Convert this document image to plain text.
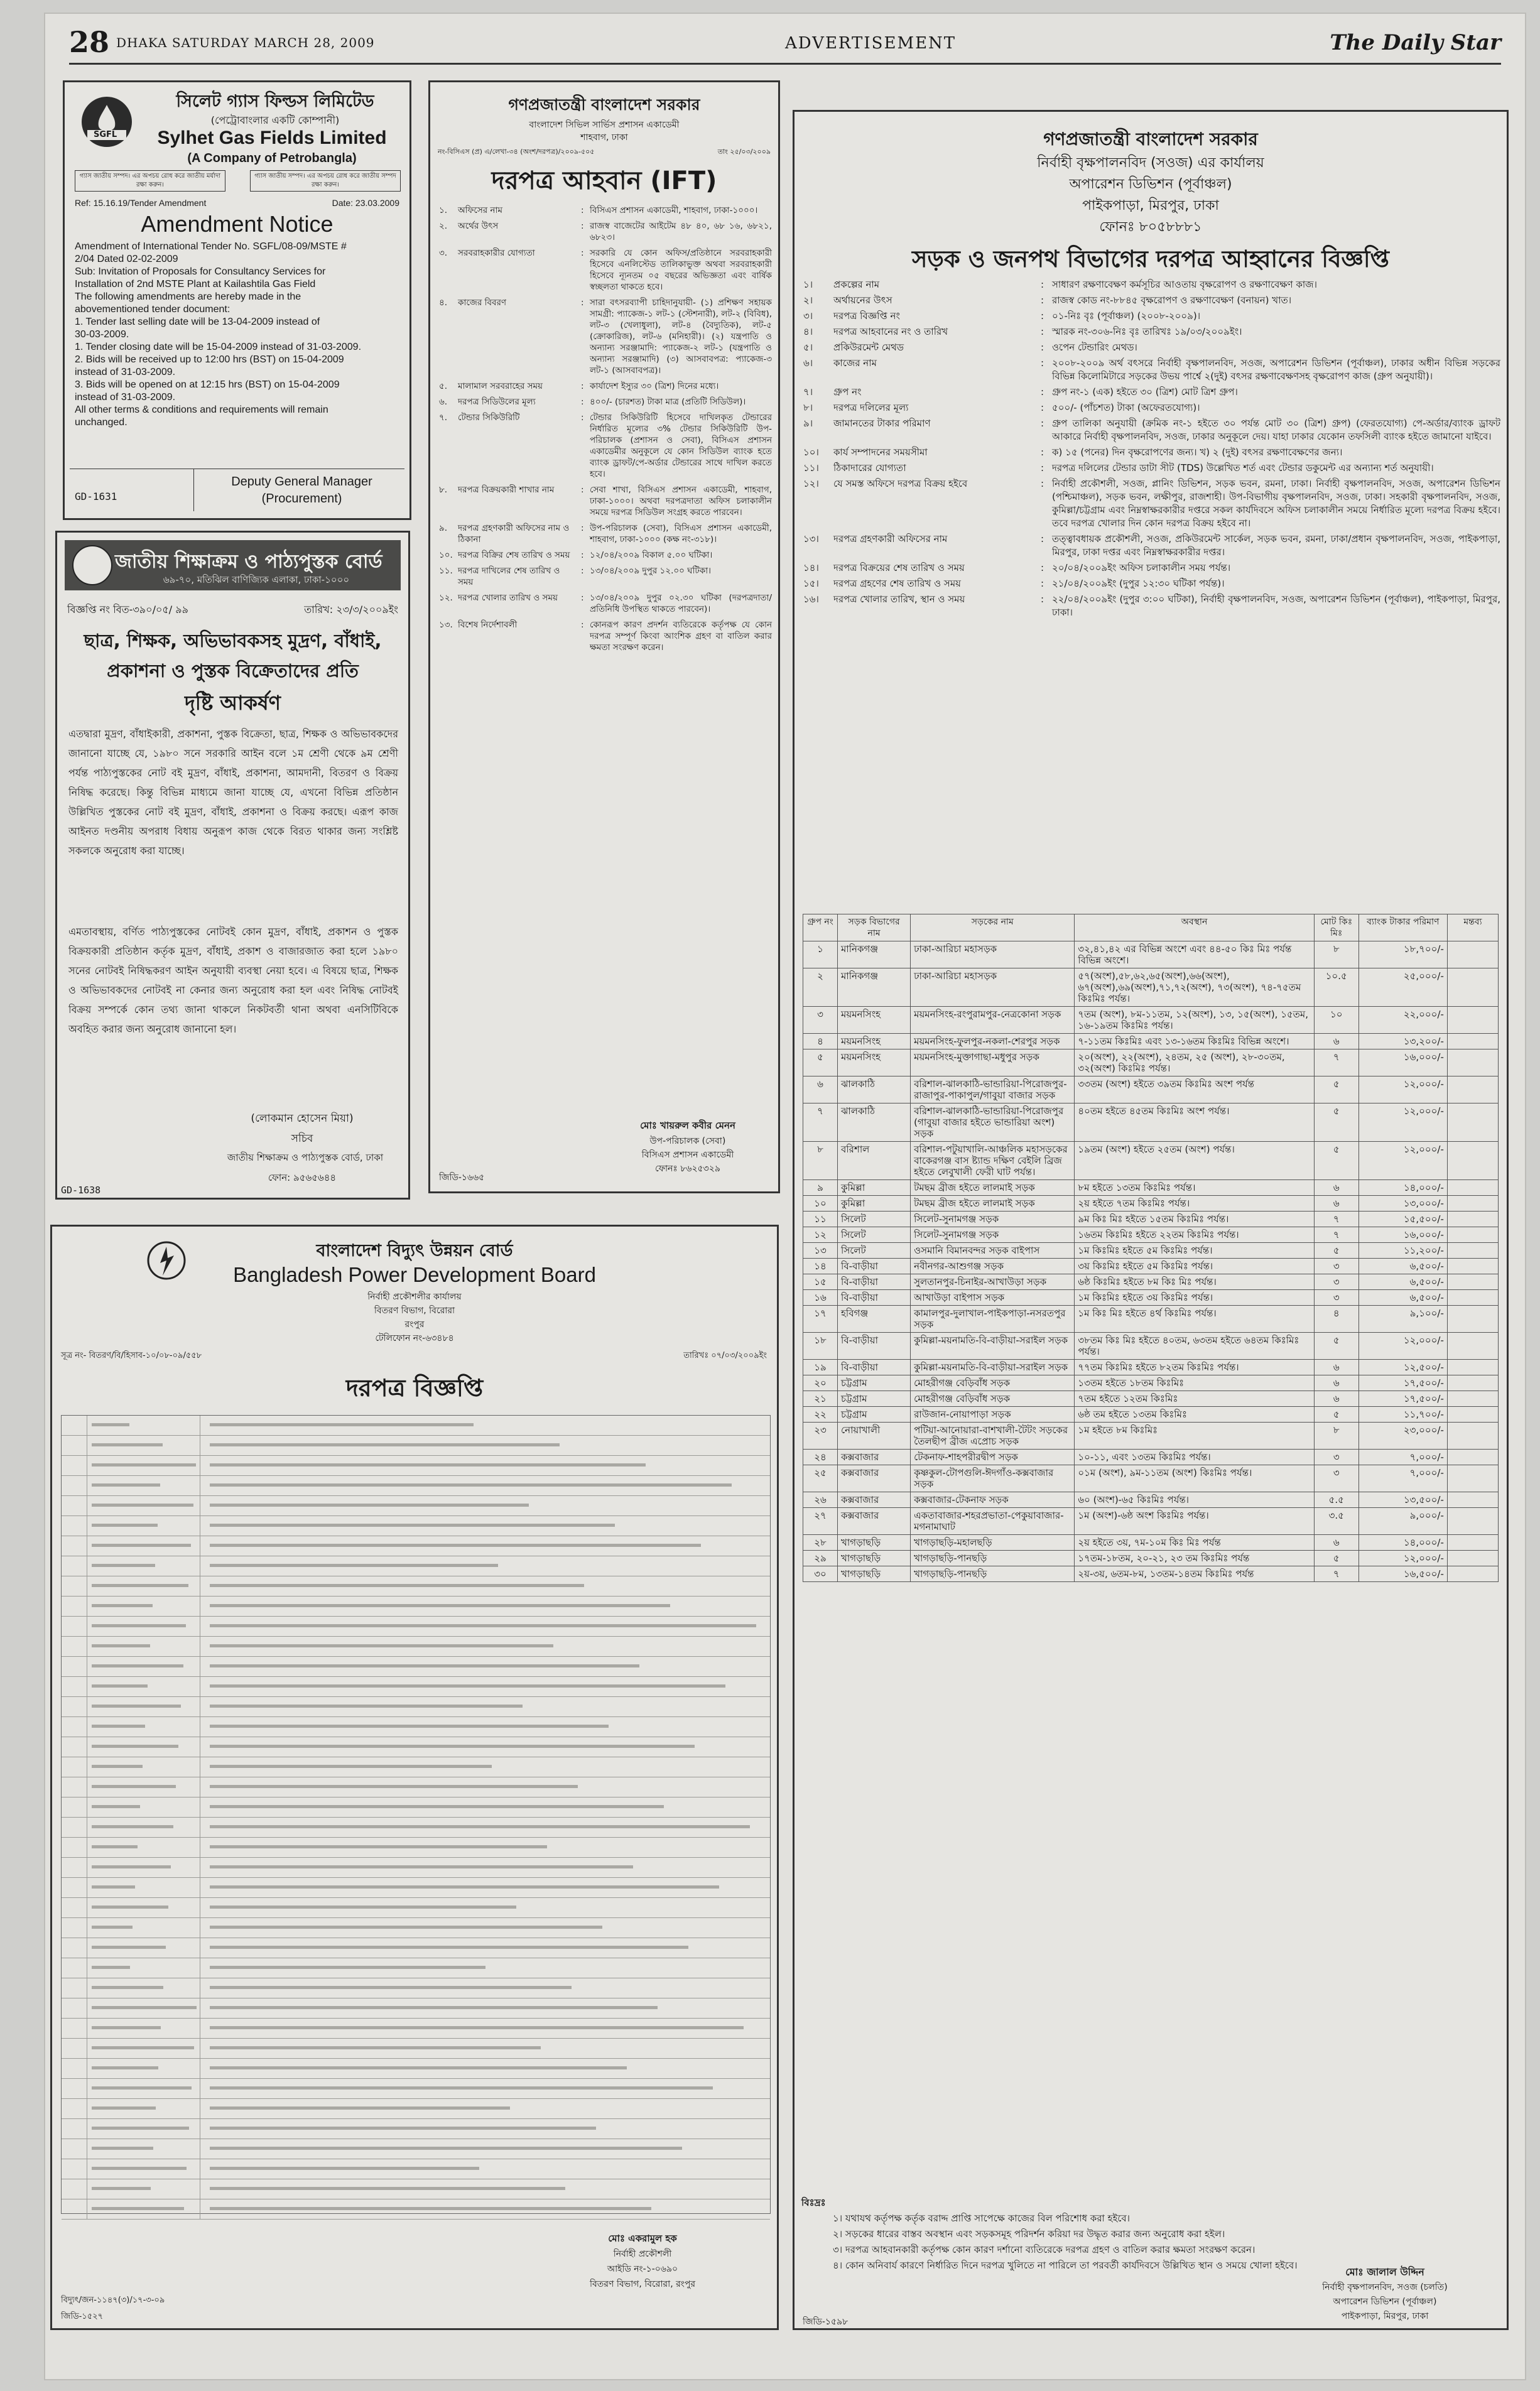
28 DHAKA SATURDAY MARCH 28, 2009	ADVERTISEMENT	The Daily Star
SGFL
সিলেট গ্যাস ফিল্ডস লিমিটেড
(পেট্রোবাংলার একটি কোম্পানী)
Sylhet Gas Fields Limited
(A Company of Petrobangla)
গ্যাস জাতীয় সম্পদ। এর অপচয় রোধ করে জাতীয় মর্যাদা রক্ষা করুন।
গ্যাস জাতীয় সম্পদ। এর অপচয় রোধ করে জাতীয় সম্পদ রক্ষা করুন।
Ref: 15.16.19/Tender Amendment	Date: 23.03.2009
Amendment Notice
Amendment of International Tender No. SGFL/08-09/MSTE #
2/04 Dated 02-02-2009
Sub: Invitation of Proposals for Consultancy Services for
Installation of 2nd MSTE Plant at Kailashtila Gas Field
The following amendments are hereby made in the
abovementioned tender document:
1. Tender last selling date will be 13-04-2009 instead of
30-03-2009.
1. Tender closing date will be 15-04-2009 instead of 31-03-2009.
2. Bids will be received up to 12:00 hrs (BST) on 15-04-2009
instead of 31-03-2009.
3. Bids will be opened on at 12:15 hrs (BST) on 15-04-2009
instead of 31-03-2009.
All other terms & conditions and requirements will remain
unchanged.
GD-1631
Deputy General Manager
(Procurement)
জাতীয় শিক্ষাক্রম ও পাঠ্যপুস্তক বোর্ড
৬৯-৭০, মতিঝিল বাণিজ্যিক এলাকা, ঢাকা-১০০০
বিজ্ঞপ্তি নং বিত-৩৯০/০৫/ ৯৯	তারিখ: ২৩/৩/২০০৯ইং
ছাত্র, শিক্ষক, অভিভাবকসহ মুদ্রণ, বাঁধাই,
প্রকাশনা ও পুস্তক বিক্রেতাদের প্রতি
দৃষ্টি আকর্ষণ
এতদ্বারা মুদ্রণ, বাঁধাইকারী, প্রকাশনা, পুস্তক বিক্রেতা, ছাত্র, শিক্ষক ও অভিভাবকদের জানানো যাচ্ছে যে, ১৯৮০ সনে সরকারি আইন বলে ১ম শ্রেণী থেকে ৯ম শ্রেণী পর্যন্ত পাঠ্যপুস্তকের নোট বই মুদ্রণ, বাঁধাই, প্রকাশনা, আমদানী, বিতরণ ও বিক্রয় নিষিদ্ধ করেছে। কিন্তু বিভিন্ন মাধ্যমে জানা যাচ্ছে যে, এখনো বিভিন্ন প্রতিষ্ঠান উল্লিখিত পুস্তকের নোট বই মুদ্রণ, বাঁধাই, প্রকাশনা ও বিক্রয় করছে। এরূপ কাজ আইনত দণ্ডনীয় অপরাধ বিধায় অনুরূপ কাজ থেকে বিরত থাকার জন্য সংশ্লিষ্ট সকলকে অনুরোধ করা যাচ্ছে।
এমতাবস্থায়, বর্ণিত পাঠ্যপুস্তকের নোটবই কোন মুদ্রণ, বাঁধাই, প্রকাশন ও পুস্তক বিক্রয়কারী প্রতিষ্ঠান কর্তৃক মুদ্রণ, বাঁধাই, প্রকাশ ও বাজারজাত করা হলে ১৯৮০ সনের নোটবই নিষিদ্ধকরণ আইন অনুযায়ী ব্যবস্থা নেয়া হবে। এ বিষয়ে ছাত্র, শিক্ষক ও অভিভাবকদের নোটবই না কেনার জন্য অনুরোধ করা হল এবং নিষিদ্ধ নোটবই বিক্রয় সম্পর্কে কোন তথ্য জানা থাকলে নিকটবর্তী থানা অথবা এনসিটিবিকে অবহিত করার জন্য অনুরোধ জানানো হল।
(লোকমান হোসেন মিয়া)
সচিব
জাতীয় শিক্ষাক্রম ও পাঠ্যপুস্তক বোর্ড, ঢাকা
ফোন: ৯৫৬৫৬৪৪
GD-1638
গণপ্রজাতন্ত্রী বাংলাদেশ সরকার
বাংলাদেশ সিভিল সার্ভিস প্রশাসন একাডেমী
শাহবাগ, ঢাকা
নং-বিসিএস (প্র) এ/লেখা-৩৪ (অংশ/দরপত্র)/২০০৯-৫০৫	তাং ২৫/০৩/২০০৯
দরপত্র আহবান (IFT)
১.	অফিসের নাম	: বিসিএস প্রশাসন একাডেমী, শাহবাগ, ঢাকা-১০০০।
২.	অর্থের উৎস	: রাজস্ব বাজেটের আইটেম ৪৮ ৪০, ৬৮ ১৬, ৬৮২১, ৬৮২৩।
৩.	সরবরাহকারীর যোগ্যতা	: সরকারি যে কোন অফিস/প্রতিষ্ঠানে সরবরাহকারী হিসেবে এনলিস্টেড তালিকাভুক্ত অথবা সরবরাহকারী হিসেবে ন্যূনতম ০৫ বছরের অভিজ্ঞতা এবং বার্ষিক স্বচ্ছলতা থাকতে হবে।
৪.	কাজের বিবরণ	: সারা বৎসরব্যাপী চাহিদানুযায়ী- (১) প্রশিক্ষণ সহায়ক সামগ্রী: প্যাকেজ-১ লট-১ (স্টেশনারী), লট-২ (বিবিধ), লট-৩ (খেলাধুলা), লট-৪ (বৈদ্যুতিক), লট-৫ (ক্রোকারিজ), লট-৬ (মনিহারী)। (২) যন্ত্রপাতি ও অন্যান্য সরঞ্জামাদি: প্যাকেজ-২ লট-১ (যন্ত্রপাতি ও অন্যান্য সরঞ্জামাদি) (৩) আসবাবপত্র: প্যাকেজ-৩ লট-১ (আসবাবপত্র)।
৫.	মালামাল সরবরাহের সময়	: কার্যাদেশ ইস্যুর ৩০ (ত্রিশ) দিনের মধ্যে।
৬.	দরপত্র সিডিউলের মূল্য	: ৪০০/- (চারশত) টাকা মাত্র (প্রতিটি সিডিউল)।
৭.	টেন্ডার সিকিউরিটি	: টেন্ডার সিকিউরিটি হিসেবে দাখিলকৃত টেন্ডারের নির্ধারিত মূল্যের ৩% টেন্ডার সিকিউরিটি উপ-পরিচালক (প্রশাসন ও সেবা), বিসিএস প্রশাসন একাডেমীর অনুকূলে যে কোন সিডিউল ব্যাংক হতে ব্যাংক ড্রাফট/পে-অর্ডার টেন্ডারের সাথে দাখিল করতে হবে।
৮.	দরপত্র বিক্রয়কারী শাখার নাম	: সেবা শাখা, বিসিএস প্রশাসন একাডেমী, শাহবাগ, ঢাকা-১০০০। অথবা দরপত্রদাতা অফিস চলাকালীন সময়ে দরপত্র সিডিউল সংগ্রহ করতে পারবেন।
৯.	দরপত্র গ্রহণকারী অফিসের নাম ও ঠিকানা
: উপ-পরিচালক (সেবা), বিসিএস প্রশাসন একাডেমী, শাহবাগ, ঢাকা-১০০০ (কক্ষ নং-৩১৮)।
১০. দরপত্র বিক্রির শেষ তারিখ ও সময়	: ১২/০৪/২০০৯ বিকাল ৫.০০ ঘটিকা।
১১. দরপত্র দাখিলের শেষ তারিখ ও সময়
: ১৩/০৪/২০০৯ দুপুর ১২.০০ ঘটিকা।
১২. দরপত্র খোলার তারিখ ও সময়	: ১৩/০৪/২০০৯ দুপুর ০২.৩০ ঘটিকা (দরপত্রদাতা/প্রতিনিধি উপস্থিত থাকতে পারবেন)।
১৩. বিশেষ নির্দেশাবলী	: কোনরূপ কারণ প্রদর্শন ব্যতিরেকে কর্তৃপক্ষ যে কোন দরপত্র সম্পূর্ণ কিংবা আংশিক গ্রহণ বা বাতিল করার ক্ষমতা সংরক্ষণ করেন।
মোঃ খায়রুল কবীর মেনন
উপ-পরিচালক (সেবা)
বিসিএস প্রশাসন একাডেমী
ফোনঃ ৮৬২৫৩২৯
জিডি-১৬৬৫
বাংলাদেশ বিদ্যুৎ উন্নয়ন বোর্ড
Bangladesh Power Development Board
নির্বাহী প্রকৌশলীর কার্যালয়
বিতরণ বিভাগ, বিরোরা
রংপুর
টেলিফোন নং-৬৩৪৮৪
সূত্র নং- বিতরণ/বি/হিসাব-১০/০৮-০৯/৫৫৮	তারিখঃ ০৭/০৩/২০০৯ইং
দরপত্র বিজ্ঞপ্তি
মোঃ একরামুল হক
নির্বাহী প্রকৌশলী
আইডি নং-১-০৬৯০
বিতরণ বিভাগ, বিরোরা, রংপুর
বিদ্যুৎ/জন-১১৪৭(৩)/১৭-৩-০৯
জিডি-১৫২৭
গণপ্রজাতন্ত্রী বাংলাদেশ সরকার
নির্বাহী বৃক্ষপালনবিদ (সওজ) এর কার্যালয়
অপারেশন ডিভিশন (পূর্বাঞ্চল)
পাইকপাড়া, মিরপুর, ঢাকা
ফোনঃ ৮০৫৮৮৮১
সড়ক ও জনপথ বিভাগের দরপত্র আহ্বানের বিজ্ঞপ্তি
১।	প্রকল্পের নাম	: সাধারণ রক্ষণাবেক্ষণ কর্মসূচির আওতায় বৃক্ষরোপণ ও রক্ষণাবেক্ষণ কাজ।
২।	অর্থায়নের উৎস	: রাজস্ব কোড নং-৮৮৪৫ বৃক্ষরোপণ ও রক্ষণাবেক্ষণ (বনায়ন) খাত।
৩।	দরপত্র বিজ্ঞপ্তি নং	: ০১-নিঃ বৃঃ (পূর্বাঞ্চল) (২০০৮-২০০৯)।
৪।	দরপত্র আহবানের নং ও তারিখ	: স্মারক নং-৩০৬-নিঃ বৃঃ তারিখঃ ১৯/০৩/২০০৯ইং।
৫।	প্রকিউরমেন্ট মেথড	: ওপেন টেন্ডারিং মেথড।
৬।	কাজের নাম	: ২০০৮-২০০৯ অর্থ বৎসরে নির্বাহী বৃক্ষপালনবিদ, সওজ, অপারেশন ডিভিশন (পূর্বাঞ্চল), ঢাকার অধীন বিভিন্ন সড়কের বিভিন্ন কিলোমিটারে সড়কের উভয় পার্শ্বে ২(দুই) বৎসর রক্ষণাবেক্ষণসহ বৃক্ষরোপণ কাজ (গ্রুপ অনুযায়ী)।
৭।	গ্রুপ নং	: গ্রুপ নং-১ (এক) হইতে ৩০ (ত্রিশ) মোট ত্রিশ গ্রুপ।
৮।	দরপত্র দলিলের মূল্য	: ৫০০/- (পাঁচশত) টাকা (অফেরতযোগ্য)।
৯।	জামানতের টাকার পরিমাণ	: গ্রুপ তালিকা অনুযায়ী (ক্রমিক নং-১ হইতে ৩০ পর্যন্ত মোট ৩০ (ত্রিশ) গ্রুপ) (ফেরতযোগ্য) পে-অর্ডার/ব্যাংক ড্রাফট আকারে নির্বাহী বৃক্ষপালনবিদ, সওজ, ঢাকার অনুকূলে দেয়। যাহা ঢাকার যেকোন তফসিলী ব্যাংক হইতে জামানো যাইবে।
১০।	কার্য সম্পাদনের সময়সীমা	: ক) ১৫ (পনের) দিন বৃক্ষরোপণের জন্য। খ) ২ (দুই) বৎসর রক্ষণাবেক্ষণের জন্য।
১১।	ঠিকাদারের যোগ্যতা	: দরপত্র দলিলের টেন্ডার ডাটা সীট (TDS) উল্লেখিত শর্ত এবং টেন্ডার ডকুমেন্ট এর অন্যান্য শর্ত অনুযায়ী।
১২।	যে সমস্ত অফিসে দরপত্র বিক্রয় হইবে	: নির্বাহী প্রকৌশলী, সওজ, প্লানিং ডিভিশন, সড়ক ভবন, রমনা, ঢাকা। নির্বাহী বৃক্ষপালনবিদ, সওজ, অপারেশন ডিভিশন (পশ্চিমাঞ্চল), সড়ক ভবন, লক্ষীপুর, রাজশাহী। উপ-বিভাগীয় বৃক্ষপালনবিদ, সওজ, ঢাকা। সহকারী বৃক্ষপালনবিদ, সওজ, কুমিল্লা/চট্টগ্রাম এবং নিম্নস্বাক্ষরকারীর দপ্তরে সকল কার্যদিবসে অফিস চলাকালীন সময়ে নির্ধারিত মূল্যে দরপত্র বিক্রয় হইবে। তবে দরপত্র খোলার দিন কোন দরপত্র বিক্রয় হইবে না।
১৩।	দরপত্র গ্রহণকারী অফিসের নাম	: তত্ত্বাবধায়ক প্রকৌশলী, সওজ, প্রকিউরমেন্ট সার্কেল, সড়ক ভবন, রমনা, ঢাকা/প্রধান বৃক্ষপালনবিদ, সওজ, পাইকপাড়া, মিরপুর, ঢাকা দপ্তর এবং নিম্নস্বাক্ষরকারীর দপ্তর।
১৪।	দরপত্র বিক্রয়ের শেষ তারিখ ও সময়	: ২০/০৪/২০০৯ইং অফিস চলাকালীন সময় পর্যন্ত।
১৫।	দরপত্র গ্রহণের শেষ তারিখ ও সময়	: ২১/০৪/২০০৯ইং (দুপুর ১২:৩০ ঘটিকা পর্যন্ত)।
১৬।	দরপত্র খোলার তারিখ, স্থান ও সময়	: ২২/০৪/২০০৯ইং (দুপুর ৩:০০ ঘটিকা), নির্বাহী বৃক্ষপালনবিদ, সওজ, অপারেশন ডিভিশন (পূর্বাঞ্চল), পাইকপাড়া, মিরপুর, ঢাকা।
গ্রুপ নং	সড়ক বিভাগের নাম	সড়কের নাম	অবস্থান	মোট কিঃ মিঃ	ব্যাংক টাকার পরিমাণ	মন্তব্য
১	মানিকগঞ্জ	ঢাকা-আরিচা মহাসড়ক	৩২,৪১,৪২ এর বিভিন্ন অংশে এবং ৪৪-৫০ কিঃ মিঃ পর্যন্ত বিভিন্ন অংশে।	৮	১৮,৭০০/-	
২	মানিকগঞ্জ	ঢাকা-আরিচা মহাসড়ক	৫৭(অংশ),৫৮,৬২,৬৫(অংশ),৬৬(অংশ), ৬৭(অংশ),৬৯(অংশ),৭১,৭২(অংশ), ৭৩(অংশ), ৭৪-৭৫তম কিঃমিঃ পর্যন্ত।	১০.৫	২৫,০০০/-	
৩	ময়মনসিংহ	ময়মনসিংহ-রংপুরামপুর-নেত্রকোনা সড়ক	৭তম (অংশ), ৮ম-১১তম, ১২(অংশ), ১৩, ১৫(অংশ), ১৫তম, ১৬-১৯তম কিঃমিঃ পর্যন্ত।	১০	২২,০০০/-	
৪	ময়মনসিংহ	ময়মনসিংহ-ফুলপুর-নকলা-শেরপুর সড়ক	৭-১১তম কিঃমিঃ এবং ১৩-১৬তম কিঃমিঃ বিভিন্ন অংশে।	৬	১৩,২০০/-	
৫	ময়মনসিংহ	ময়মনসিংহ-মুক্তাগাছা-মধুপুর সড়ক	২০(অংশ), ২২(অংশ), ২৪তম, ২৫ (অংশ), ২৮-৩০তম, ৩২(অংশ) কিঃমিঃ পর্যন্ত।	৭	১৬,০০০/-	
৬	ঝালকাঠি	বরিশাল-ঝালকাঠি-ভান্ডারিয়া-পিরোজপুর-রাজাপুর-পাকাপুল/গাবুয়া বাজার সড়ক	৩৩তম (অংশ) হইতে ৩৯তম কিঃমিঃ অংশ পর্যন্ত	৫	১২,০০০/-	
৭	ঝালকাঠি	বরিশাল-ঝালকাঠি-ভান্ডারিয়া-পিরোজপুর (গাবুয়া বাজার হইতে ভান্ডারিয়া অংশ) সড়ক	৪০তম হইতে ৪৫তম কিঃমিঃ অংশ পর্যন্ত।	৫	১২,০০০/-	
৮	বরিশাল	বরিশাল-পটুয়াখালি-আঞ্চলিক মহাসড়কের বাকেরগঞ্জ বাস ষ্ট্যান্ড দক্ষিণ বেইলি ব্রিজ হইতে লেবুখালী ফেরী ঘাট পর্যন্ত।	১৯তম (অংশ) হইতে ২৫তম (অংশ) পর্যন্ত।	৫	১২,০০০/-	
৯	কুমিল্লা	টমছম ব্রীজ হইতে লালমাই সড়ক	৮ম হইতে ১৩তম কিঃমিঃ পর্যন্ত।	৬	১৪,০০০/-	
১০	কুমিল্লা	টমছম ব্রীজ হইতে লালমাই সড়ক	২য় হইতে ৭তম কিঃমিঃ পর্যন্ত।	৬	১৩,০০০/-	
১১	সিলেট	সিলেট-সুনামগঞ্জ সড়ক	৯ম কিঃ মিঃ হইতে ১৫তম কিঃমিঃ পর্যন্ত।	৭	১৫,৫০০/-	
১২	সিলেট	সিলেট-সুনামগঞ্জ সড়ক	১৬তম কিঃমিঃ হইতে ২২তম কিঃমিঃ পর্যন্ত।	৭	১৬,০০০/-	
১৩	সিলেট	ওসমানি বিমানবন্দর সড়ক বাইপাস	১ম কিঃমিঃ হইতে ৫ম কিঃমিঃ পর্যন্ত।	৫	১১,২০০/-	
১৪	বি-বাড়ীয়া	নবীনগর-আশুগঞ্জ সড়ক	৩য় কিঃমিঃ হইতে ৫ম কিঃমিঃ পর্যন্ত।	৩	৬,৫০০/-	
১৫	বি-বাড়ীয়া	সুলতানপুর-চিনাইর-আখাউড়া সড়ক	৬ষ্ঠ কিঃমিঃ হইতে ৮ম কিঃ মিঃ পর্যন্ত।	৩	৬,৫০০/-	
১৬	বি-বাড়ীয়া	আখাউড়া বাইপাস সড়ক	১ম কিঃমিঃ হইতে ৩য় কিঃমিঃ পর্যন্ত।	৩	৬,৫০০/-	
১৭	হবিগঞ্জ	কামালপুর-দুলাখাল-পাইকপাড়া-নসরতপুর সড়ক	১ম কিঃ মিঃ হইতে ৪র্থ কিঃমিঃ পর্যন্ত।	৪	৯,১০০/-	
১৮	বি-বাড়ীয়া	কুমিল্লা-ময়নামতি-বি-বাড়ীয়া-সরাইল সড়ক	৩৮তম কিঃ মিঃ হইতে ৪০তম, ৬৩তম হইতে ৬৪তম কিঃমিঃ পর্যন্ত।	৫	১২,০০০/-	
১৯	বি-বাড়ীয়া	কুমিল্লা-ময়নামতি-বি-বাড়ীয়া-সরাইল সড়ক	৭৭তম কিঃমিঃ হইতে ৮২তম কিঃমিঃ পর্যন্ত।	৬	১২,৫০০/-	
২০	চট্টগ্রাম	মোহরীগঞ্জ বেড়িবাঁধ সড়ক	১৩তম হইতে ১৮তম কিঃমিঃ	৬	১৭,৫০০/-	
২১	চট্টগ্রাম	মোহরীগঞ্জ বেড়িবাঁধ সড়ক	৭তম হইতে ১২তম কিঃমিঃ	৬	১৭,৫০০/-	
২২	চট্টগ্রাম	রাউজান-নোয়াপাড়া সড়ক	৬ষ্ঠ তম হইতে ১৩তম কিঃমিঃ	৫	১১,৭০০/-	
২৩	নোয়াখালী	পটিয়া-আনোয়ারা-বাশখালী-টৈটং সড়কের তৈলছীপ ব্রীজ এপ্রোচ সড়ক	১ম হইতে ৮ম কিঃমিঃ	৮	২৩,০০০/-	
২৪	কক্সবাজার	টেকনাফ-শাহপরীরদ্বীপ সড়ক	১০-১১, এবং ১৩তম কিঃমিঃ পর্যন্ত।	৩	৭,০০০/-	
২৫	কক্সবাজার	কৃষ্ণকুল-টোপগুলি-ঈদগাঁও-কক্সবাজার সড়ক	০১ম (অংশ), ৯ম-১১তম (অংশ) কিঃমিঃ পর্যন্ত।	৩	৭,০০০/-	
২৬	কক্সবাজার	কক্সবাজার-টেকনাফ সড়ক	৬০ (অংশ)-৬৫ কিঃমিঃ পর্যন্ত।	৫.৫	১৩,৫০০/-	
২৭	কক্সবাজার	একতাবাজার-শহরপ্রভাতা-পেকুয়াবাজার-মগনামাঘাট	১ম (অংশ)-৬ষ্ঠ অংশ কিঃমিঃ পর্যন্ত।	৩.৫	৯,০০০/-	
২৮	খাগড়াছড়ি	খাগড়াছড়ি-মহালছড়ি	২য় হইতে ৩য়, ৭ম-১০ম কিঃ মিঃ পর্যন্ত	৬	১৪,০০০/-	
২৯	খাগড়াছড়ি	খাগড়াছড়ি-পানছড়ি	১৭তম-১৮তম, ২০-২১, ২৩ তম কিঃমিঃ পর্যন্ত	৫	১২,০০০/-	
৩০	খাগড়াছড়ি	খাগড়াছড়ি-পানছড়ি	২য়-৩য়, ৬তম-৮ম, ১৩তম-১৪তম কিঃমিঃ পর্যন্ত	৭	১৬,৫০০/-	
বিঃদ্রঃ
১। যথাযথ কর্তৃপক্ষ কর্তৃক বরাদ্দ প্রাপ্তি সাপেক্ষে কাজের বিল পরিশোধ করা হইবে।
২। সড়কের ধারের বাস্তব অবস্থান এবং সড়কসমূহ পরিদর্শন করিয়া দর উদ্ধৃত করার জন্য অনুরোধ করা হইল।
৩। দরপত্র আহবানকারী কর্তৃপক্ষ কোন কারণ দর্শানো ব্যতিরেকে দরপত্র গ্রহণ ও বাতিল করার ক্ষমতা সংরক্ষণ করেন।
৪। কোন অনিবার্য কারণে নির্ধারিত দিনে দরপত্র খুলিতে না পারিলে তা পরবর্তী কার্যদিবসে উল্লিখিত স্থান ও সময়ে খোলা হইবে।
মোঃ জালাল উদ্দিন
নির্বাহী বৃক্ষপালনবিদ, সওজ (চলতি)
অপারেশন ডিভিশন (পূর্বাঞ্চল)
পাইকপাড়া, মিরপুর, ঢাকা
জিডি-১৫৯৮
